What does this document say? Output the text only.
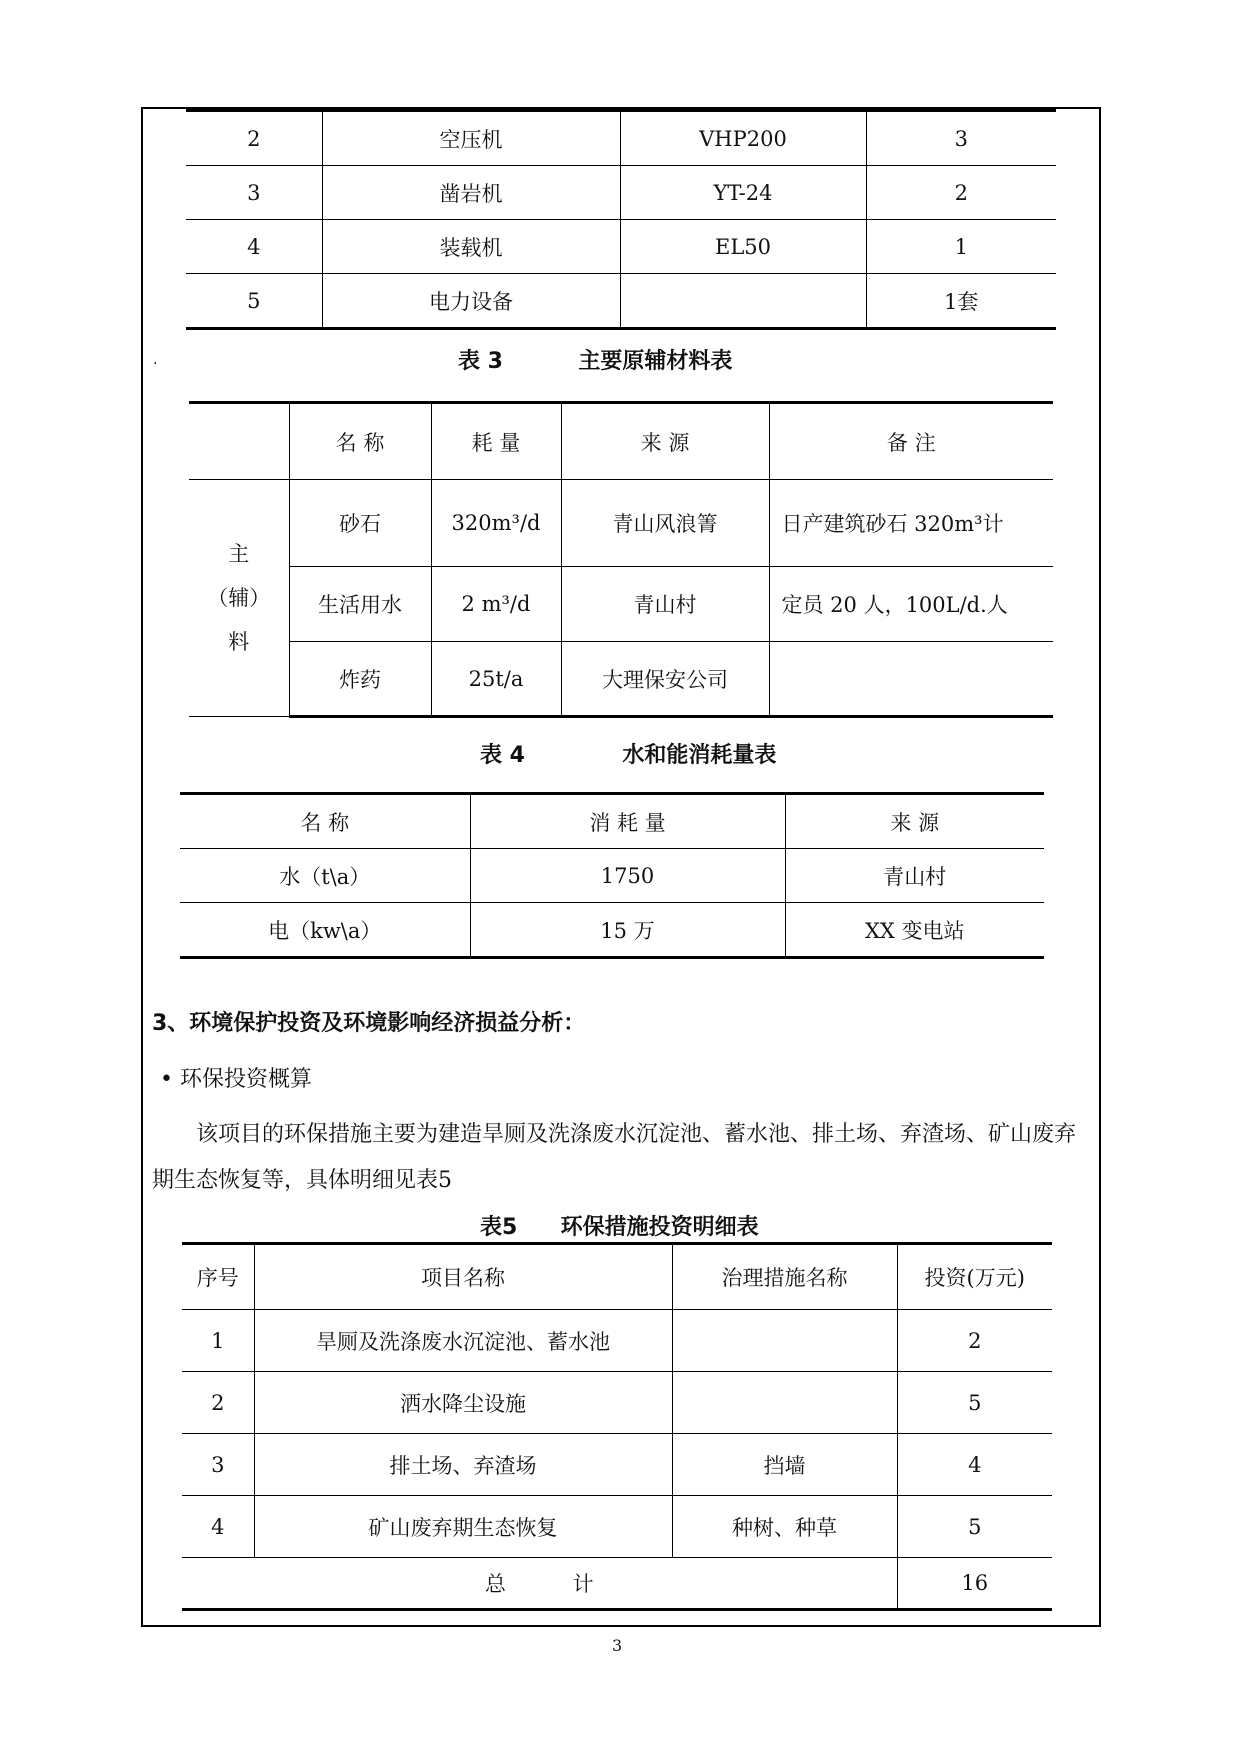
2	空压机	VHP200	3
3	凿岩机	YT-24	2
4	装载机	EL50	1
5	电力设备		1套
.	表 3	主要原辅材料表
	名 称	耗 量	来 源	备 注

主
（辅）
料	砂石	320m³/d	青山风浪箐	日产建筑砂石 320m³计
	生活用水	2 m³/d	青山村	定员 20 人，100L/d.人
	炸药	25t/a	大理保安公司	
表 4	水和能消耗量表
名 称	消 耗 量	来 源
水（t\a）	1750	青山村
电（kw\a）	15 万	XX 变电站
3、环境保护投资及环境影响经济损益分析：
• 环保投资概算
该项目的环保措施主要为建造旱厕及洗涤废水沉淀池、蓄水池、排土场、弃渣场、矿山废弃期生态恢复等，具体明细见表5
表5 环保措施投资明细表
序号	项目名称	治理措施名称	投资(万元)
1	旱厕及洗涤废水沉淀池、蓄水池		2
2	洒水降尘设施		5
3	排土场、弃渣场	挡墙	4
4	矿山废弃期生态恢复	种树、种草	5
总          计			16
3
